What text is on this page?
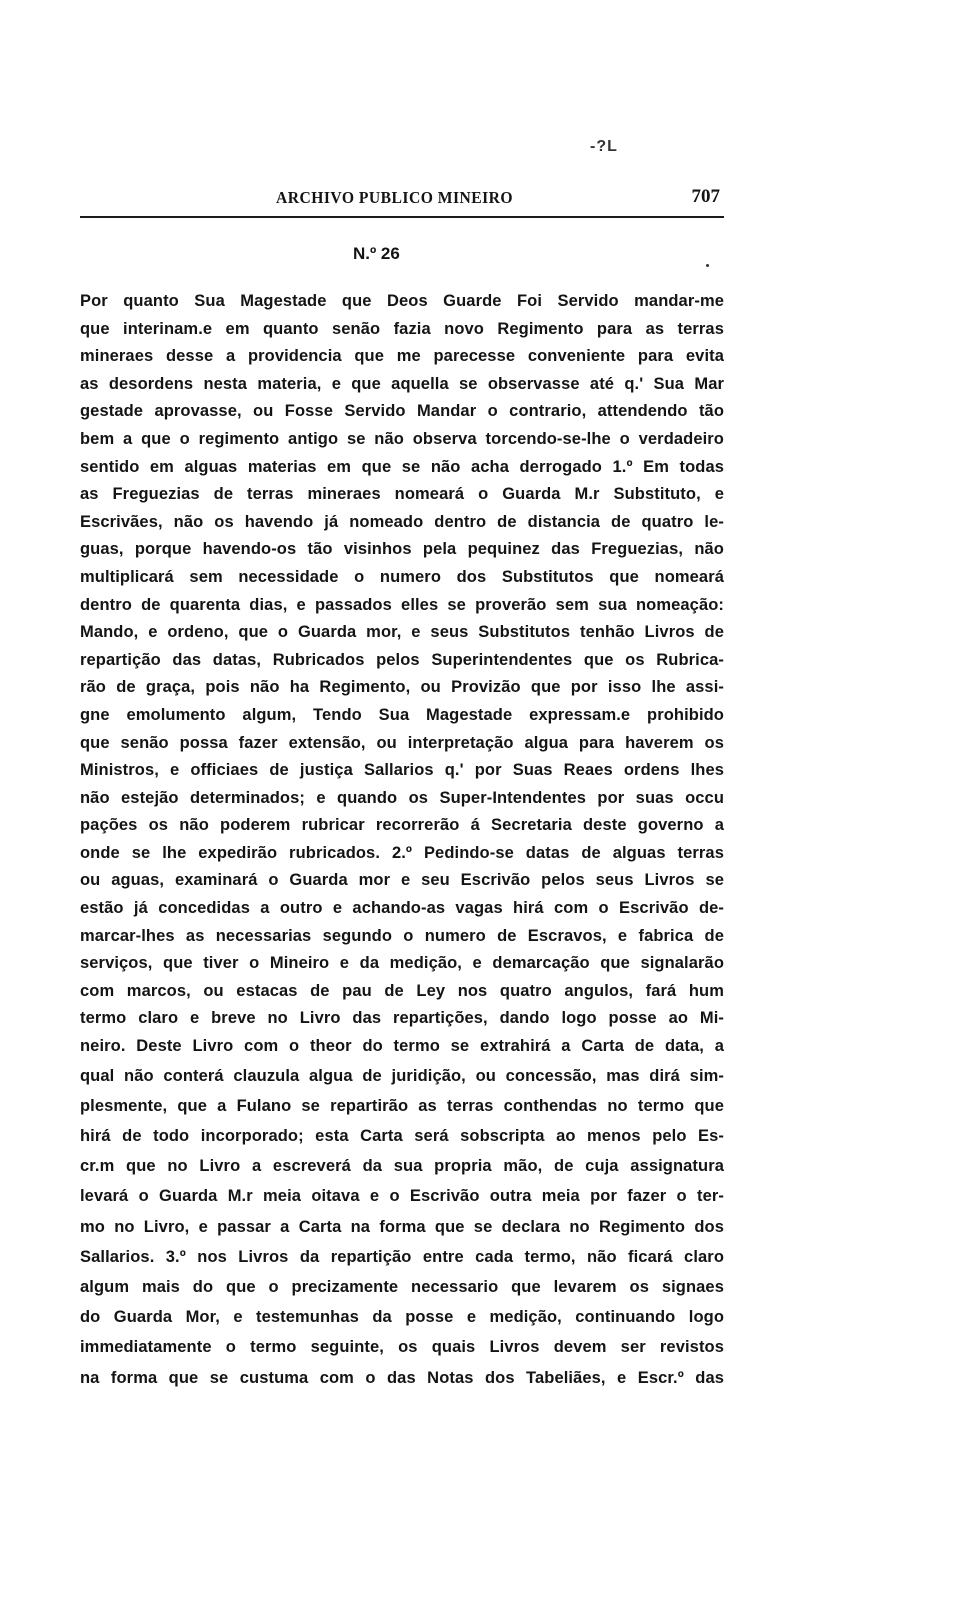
-?L
ARCHIVO PUBLICO MINEIRO	707
N.º 26
Por quanto Sua Magestade que Deos Guarde Foi Servido mandar-me
que interinam.e em quanto senão fazia novo Regimento para as terras
mineraes desse a providencia que me parecesse conveniente para evita
as desordens nesta materia, e que aquella se observasse até q.' Sua Mar
gestade aprovasse, ou Fosse Servido Mandar o contrario, attendendo tão
bem a que o regimento antigo se não observa torcendo-se-lhe o verdadeiro
sentido em alguas materias em que se não acha derrogado 1.º Em todas
as Freguezias de terras mineraes nomeará o Guarda M.r Substituto, e
Escrivães, não os havendo já nomeado dentro de distancia de quatro le-
guas, porque havendo-os tão visinhos pela pequinez das Freguezias, não
multiplicará sem necessidade o numero dos Substitutos que nomeará
dentro de quarenta dias, e passados elles se proverão sem sua nomeação:
Mando, e ordeno, que o Guarda mor, e seus Substitutos tenhão Livros de
repartição das datas, Rubricados pelos Superintendentes que os Rubrica-
rão de graça, pois não ha Regimento, ou Provizão que por isso lhe assi-
gne emolumento algum, Tendo Sua Magestade expressam.e prohibido
que senão possa fazer extensão, ou interpretação algua para haverem os
Ministros, e officiaes de justiça Sallarios q.' por Suas Reaes ordens lhes
não estejão determinados; e quando os Super-Intendentes por suas occu
pações os não poderem rubricar recorrerão á Secretaria deste governo a
onde se lhe expedirão rubricados. 2.º Pedindo-se datas de alguas terras
ou aguas, examinará o Guarda mor e seu Escrivão pelos seus Livros se
estão já concedidas a outro e achando-as vagas hirá com o Escrivão de-
marcar-lhes as necessarias segundo o numero de Escravos, e fabrica de
serviços, que tiver o Mineiro e da medição, e demarcação que signalarão
com marcos, ou estacas de pau de Ley nos quatro angulos, fará hum
termo claro e breve no Livro das repartições, dando logo posse ao Mi-
neiro. Deste Livro com o theor do termo se extrahirá a Carta de data, a
qual não conterá clauzula algua de juridição, ou concessão, mas dirá sim-
plesmente, que a Fulano se repartirão as terras conthendas no termo que
hirá de todo incorporado; esta Carta será sobscripta ao menos pelo Es-
cr.m que no Livro a escreverá da sua propria mão, de cuja assignatura
levará o Guarda M.r meia oitava e o Escrivão outra meia por fazer o ter-
mo no Livro, e passar a Carta na forma que se declara no Regimento dos
Sallarios. 3.º nos Livros da repartição entre cada termo, não ficará claro
algum mais do que o precizamente necessario que levarem os signaes
do Guarda Mor, e testemunhas da posse e medição, continuando logo
immediatamente o termo seguinte, os quais Livros devem ser revistos
na forma que se custuma com o das Notas dos Tabeliães, e Escr.º das
